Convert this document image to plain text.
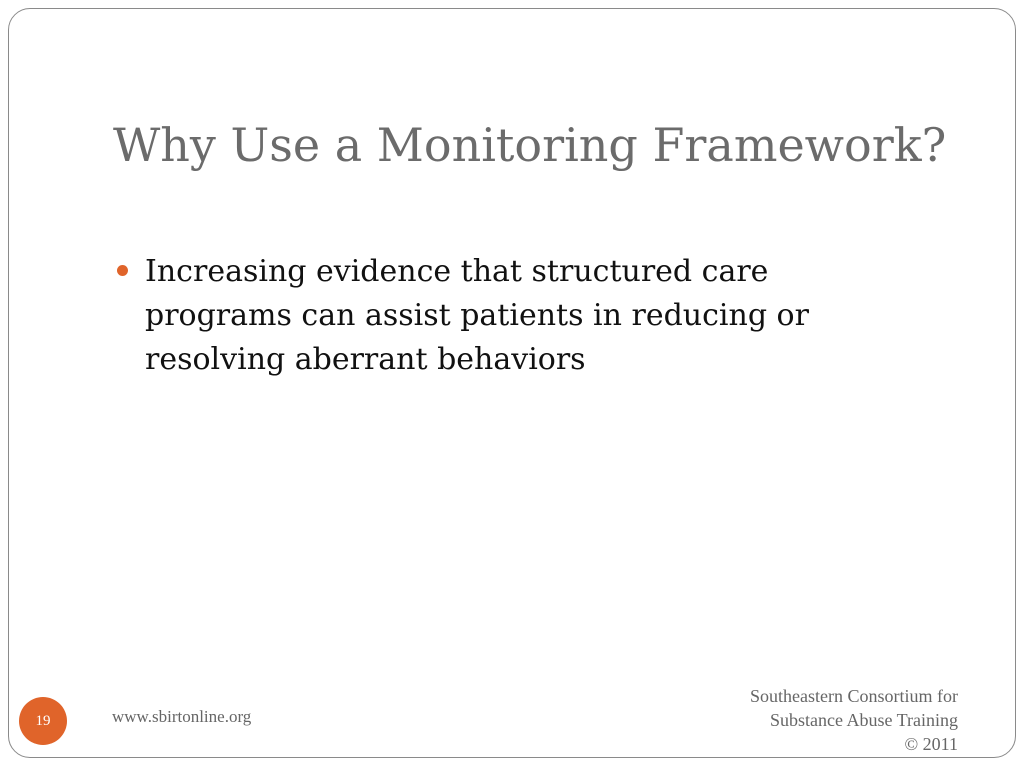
Why Use a Monitoring Framework?
Increasing evidence that structured care programs can assist patients in reducing or resolving aberrant behaviors
19	www.sbirtonline.org
Southeastern Consortium for
Substance Abuse Training
© 2011
